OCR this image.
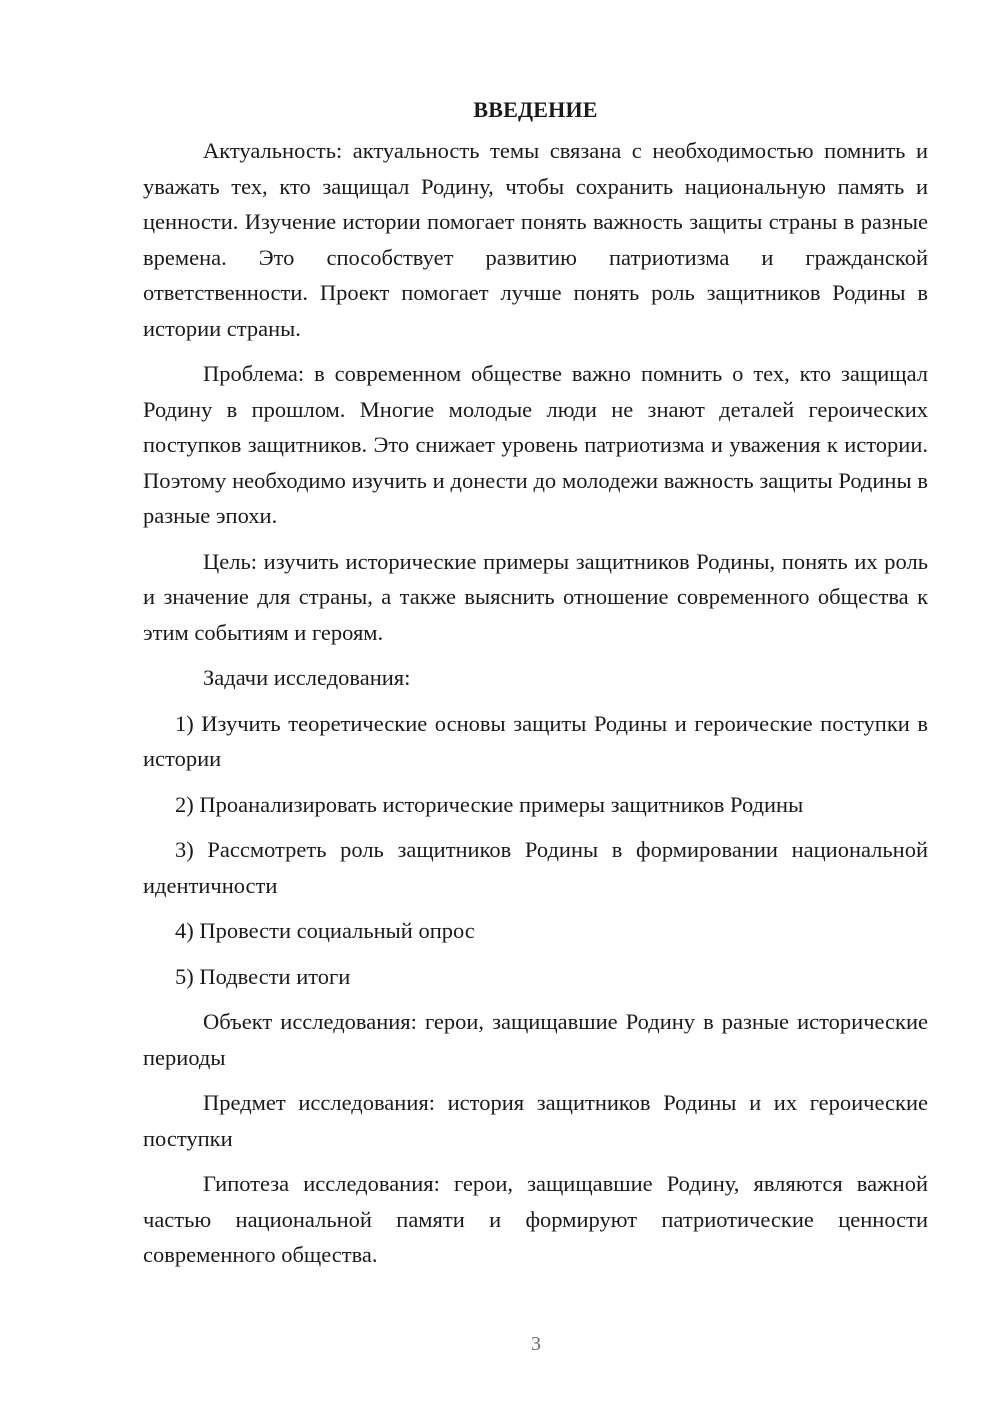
ВВЕДЕНИЕ

Актуальность: актуальность темы связана с необходимостью помнить и уважать тех, кто защищал Родину, чтобы сохранить национальную память и ценности. Изучение истории помогает понять важность защиты страны в разные времена. Это способствует развитию патриотизма и гражданской ответственности. Проект помогает лучше понять роль защитников Родины в истории страны.

Проблема: в современном обществе важно помнить о тех, кто защищал Родину в прошлом. Многие молодые люди не знают деталей героических поступков защитников. Это снижает уровень патриотизма и уважения к истории. Поэтому необходимо изучить и донести до молодежи важность защиты Родины в разные эпохи.

Цель: изучить исторические примеры защитников Родины, понять их роль и значение для страны, а также выяснить отношение современного общества к этим событиям и героям.

Задачи исследования:

1) Изучить теоретические основы защиты Родины и героические поступки в истории

2) Проанализировать исторические примеры защитников Родины

3) Рассмотреть роль защитников Родины в формировании национальной идентичности

4) Провести социальный опрос

5) Подвести итоги

Объект исследования: герои, защищавшие Родину в разные исторические периоды

Предмет исследования: история защитников Родины и их героические поступки

Гипотеза исследования: герои, защищавшие Родину, являются важной частью национальной памяти и формируют патриотические ценности современного общества.

3
